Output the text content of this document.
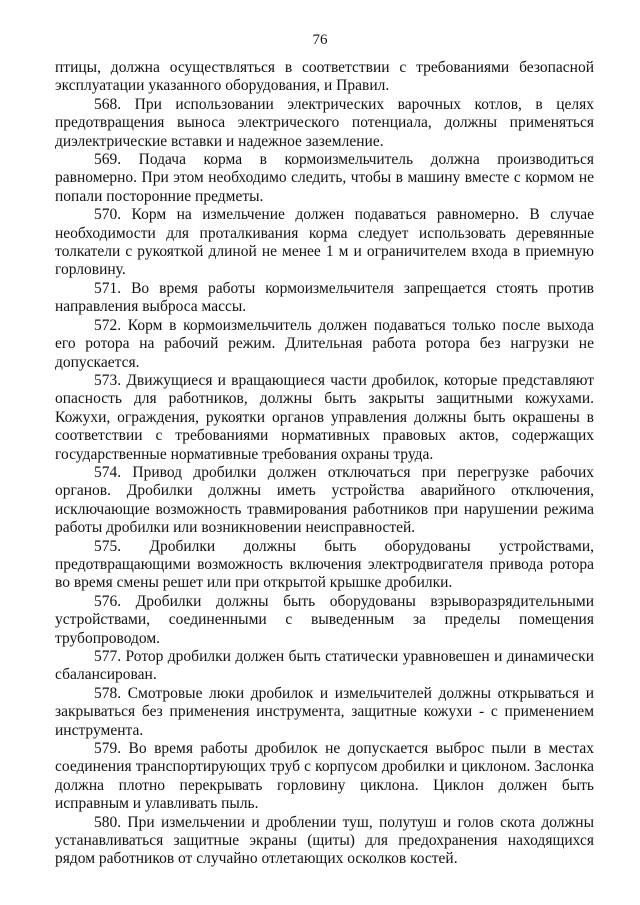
76

птицы, должна осуществляться в соответствии с требованиями безопасной эксплуатации указанного оборудования, и Правил.

568. При использовании электрических варочных котлов, в целях предотвращения выноса электрического потенциала, должны применяться диэлектрические вставки и надежное заземление.

569. Подача корма в кормоизмельчитель должна производиться равномерно. При этом необходимо следить, чтобы в машину вместе с кормом не попали посторонние предметы.

570. Корм на измельчение должен подаваться равномерно. В случае необходимости для проталкивания корма следует использовать деревянные толкатели с рукояткой длиной не менее 1 м и ограничителем входа в приемную горловину.

571. Во время работы кормоизмельчителя запрещается стоять против направления выброса массы.

572. Корм в кормоизмельчитель должен подаваться только после выхода его ротора на рабочий режим. Длительная работа ротора без нагрузки не допускается.

573. Движущиеся и вращающиеся части дробилок, которые представляют опасность для работников, должны быть закрыты защитными кожухами. Кожухи, ограждения, рукоятки органов управления должны быть окрашены в соответствии с требованиями нормативных правовых актов, содержащих государственные нормативные требования охраны труда.

574. Привод дробилки должен отключаться при перегрузке рабочих органов. Дробилки должны иметь устройства аварийного отключения, исключающие возможность травмирования работников при нарушении режима работы дробилки или возникновении неисправностей.

575. Дробилки должны быть оборудованы устройствами, предотвращающими возможность включения электродвигателя привода ротора во время смены решет или при открытой крышке дробилки.

576. Дробилки должны быть оборудованы взрыворазрядительными устройствами, соединенными с выведенным за пределы помещения трубопроводом.

577. Ротор дробилки должен быть статически уравновешен и динамически сбалансирован.

578. Смотровые люки дробилок и измельчителей должны открываться и закрываться без применения инструмента, защитные кожухи - с применением инструмента.

579. Во время работы дробилок не допускается выброс пыли в местах соединения транспортирующих труб с корпусом дробилки и циклоном. Заслонка должна плотно перекрывать горловину циклона. Циклон должен быть исправным и улавливать пыль.

580. При измельчении и дроблении туш, полутуш и голов скота должны устанавливаться защитные экраны (щиты) для предохранения находящихся рядом работников от случайно отлетающих осколков костей.
